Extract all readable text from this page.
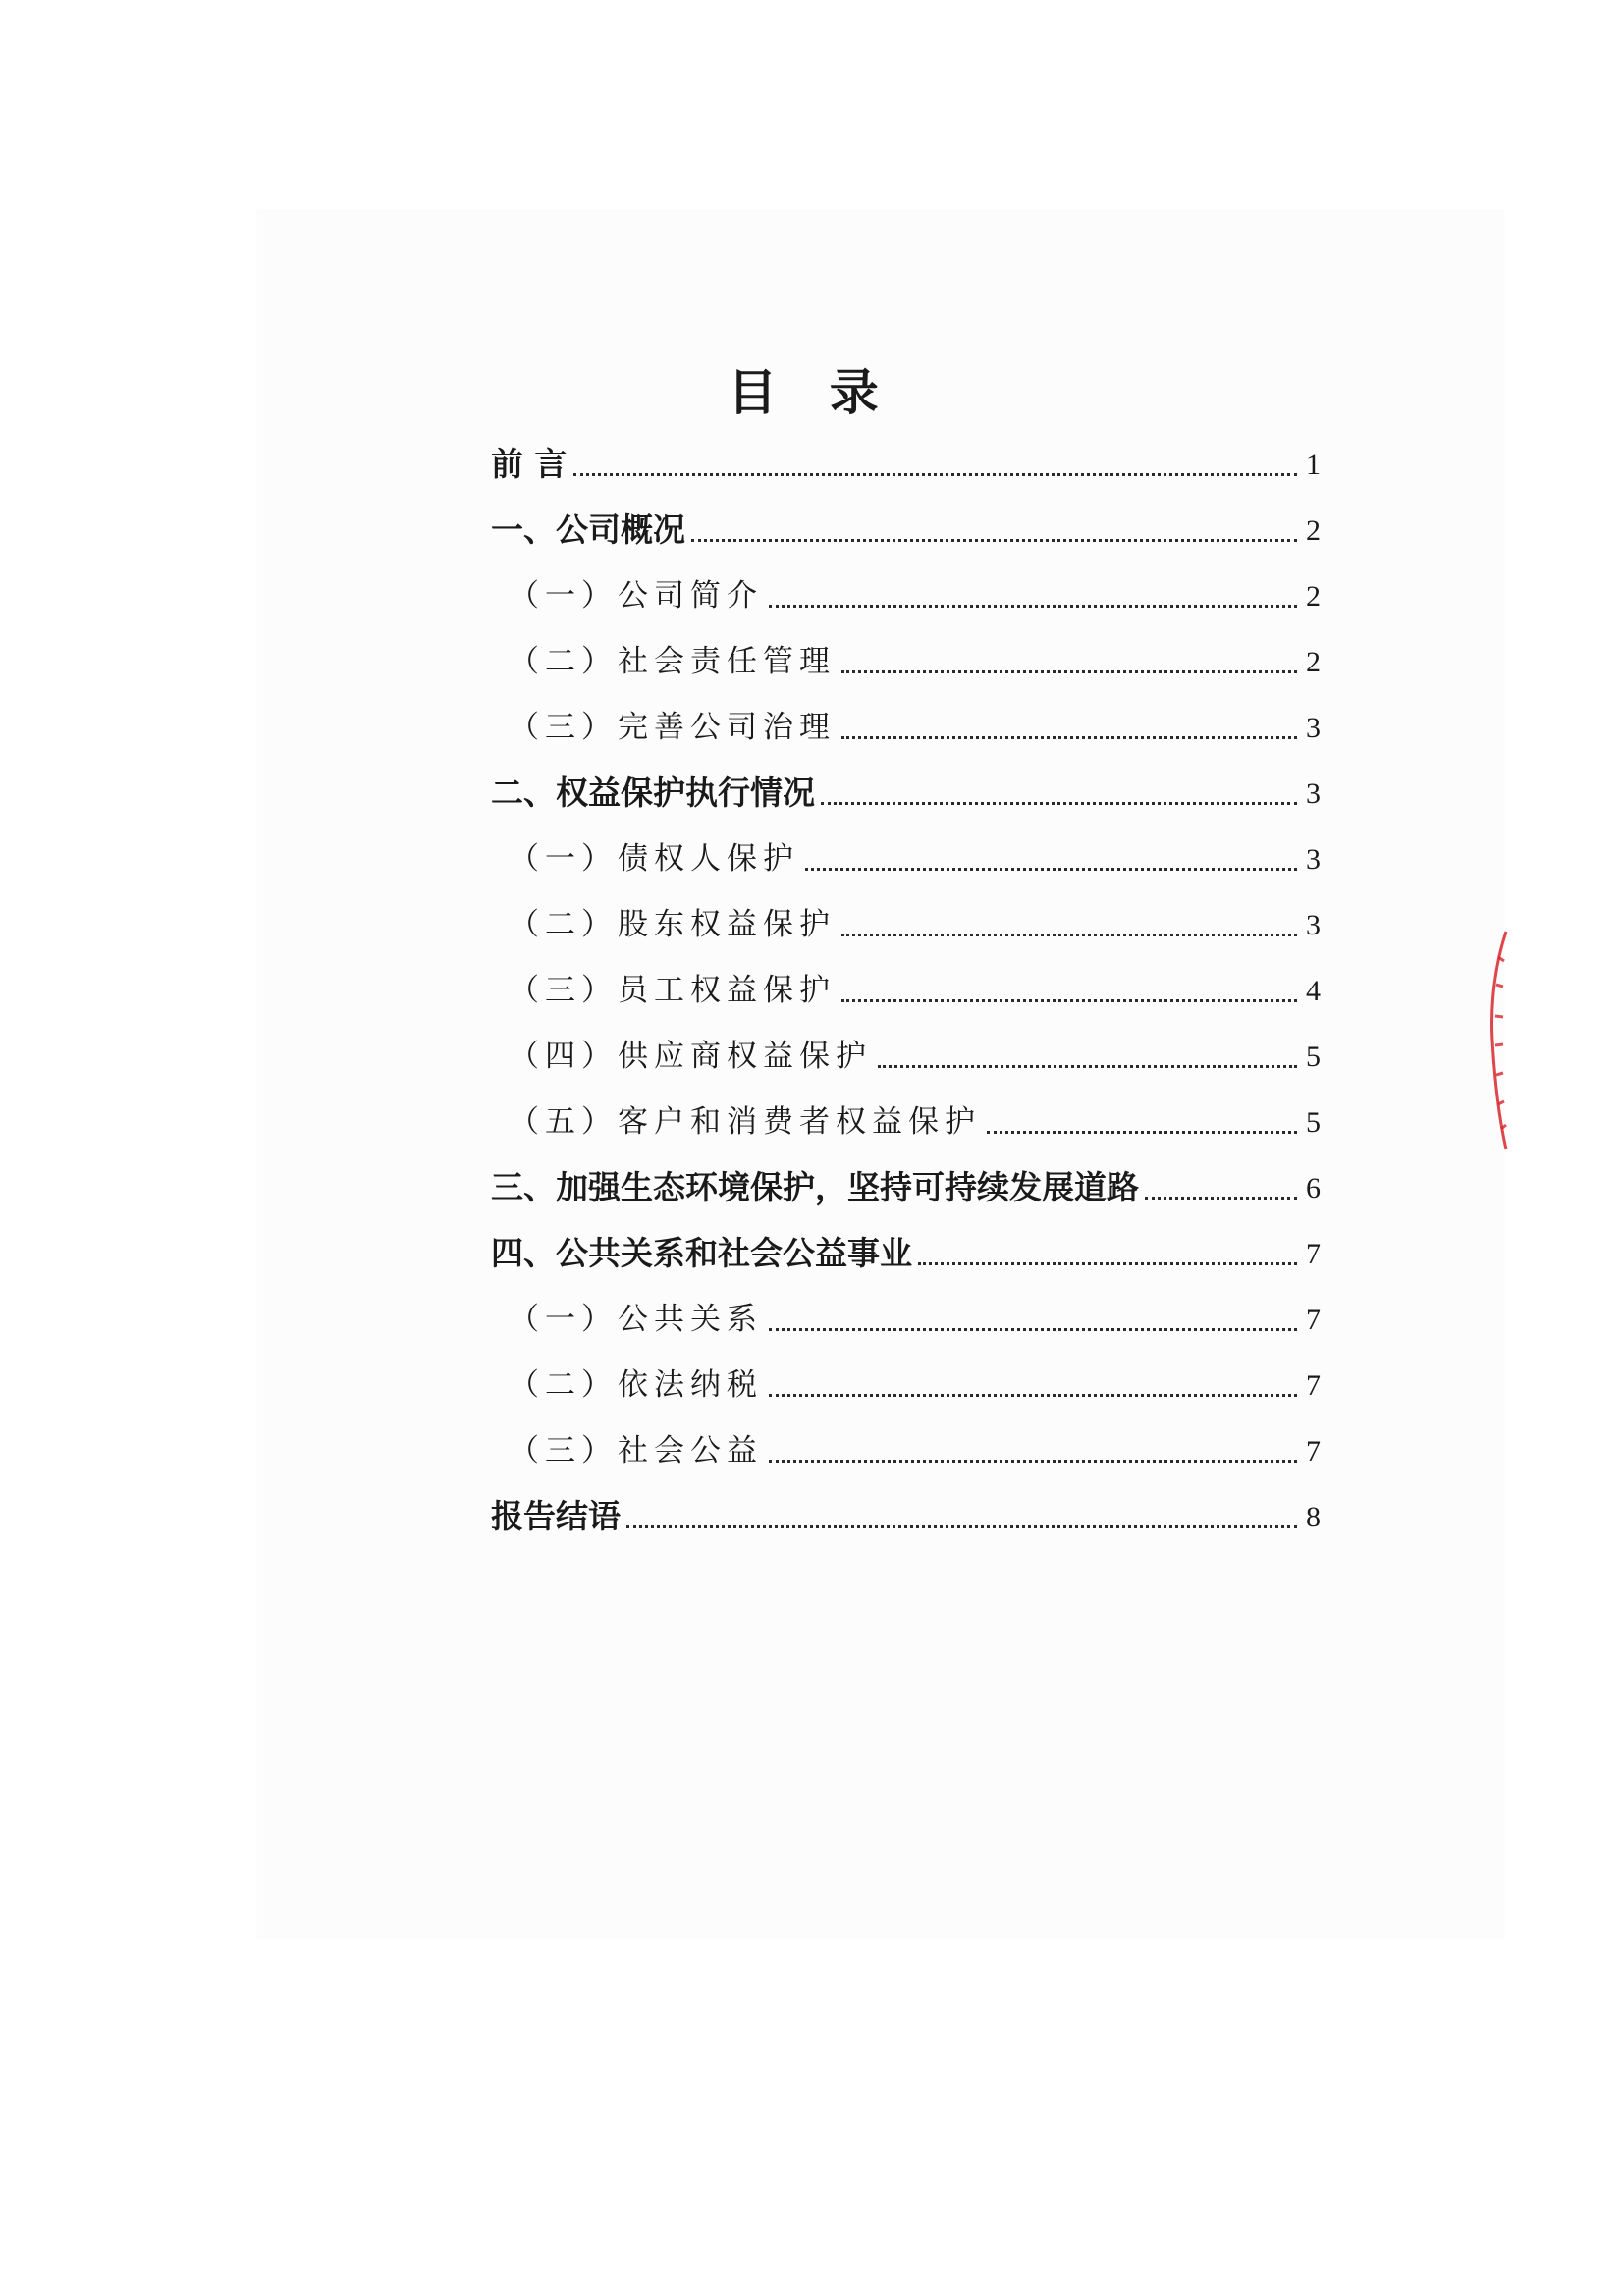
目 录
前 言	1
一、公司概况	2
（一）公司简介	2
（二）社会责任管理	2
（三）完善公司治理	3
二、权益保护执行情况	3
（一）债权人保护	3
（二）股东权益保护	3
（三）员工权益保护	4
（四）供应商权益保护	5
（五）客户和消费者权益保护	5
三、加强生态环境保护，坚持可持续发展道路	6
四、公共关系和社会公益事业	7
（一）公共关系	7
（二）依法纳税	7
（三）社会公益	7
报告结语	8
